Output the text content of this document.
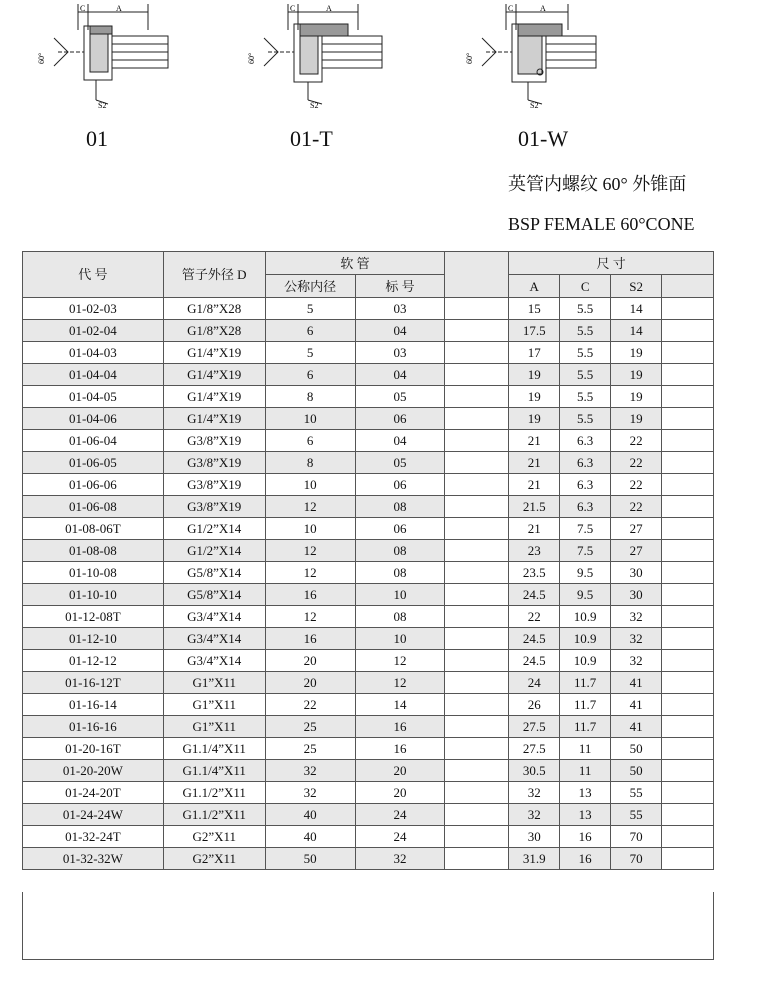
C	A
60°
S2
C	A
60°
S2
C	A
60°
S2
01	01-T	01-W
英管内螺纹 60° 外锥面
BSP FEMALE 60°CONE
代 号	管子外径 D	软 管			尺 寸			
		公称内径	标 号		A	C	S2	
01-02-03	G1/8”X28	5	03		15	5.5	14	
01-02-04	G1/8”X28	6	04		17.5	5.5	14	
01-04-03	G1/4”X19	5	03		17	5.5	19	
01-04-04	G1/4”X19	6	04		19	5.5	19	
01-04-05	G1/4”X19	8	05		19	5.5	19	
01-04-06	G1/4”X19	10	06		19	5.5	19	
01-06-04	G3/8”X19	6	04		21	6.3	22	
01-06-05	G3/8”X19	8	05		21	6.3	22	
01-06-06	G3/8”X19	10	06		21	6.3	22	
01-06-08	G3/8”X19	12	08		21.5	6.3	22	
01-08-06T	G1/2”X14	10	06		21	7.5	27	
01-08-08	G1/2”X14	12	08		23	7.5	27	
01-10-08	G5/8”X14	12	08		23.5	9.5	30	
01-10-10	G5/8”X14	16	10		24.5	9.5	30	
01-12-08T	G3/4”X14	12	08		22	10.9	32	
01-12-10	G3/4”X14	16	10		24.5	10.9	32	
01-12-12	G3/4”X14	20	12		24.5	10.9	32	
01-16-12T	G1”X11	20	12		24	11.7	41	
01-16-14	G1”X11	22	14		26	11.7	41	
01-16-16	G1”X11	25	16		27.5	11.7	41	
01-20-16T	G1.1/4”X11	25	16		27.5	11	50	
01-20-20W	G1.1/4”X11	32	20		30.5	11	50	
01-24-20T	G1.1/2”X11	32	20		32	13	55	
01-24-24W	G1.1/2”X11	40	24		32	13	55	
01-32-24T	G2”X11	40	24		30	16	70	
01-32-32W	G2”X11	50	32		31.9	16	70	
